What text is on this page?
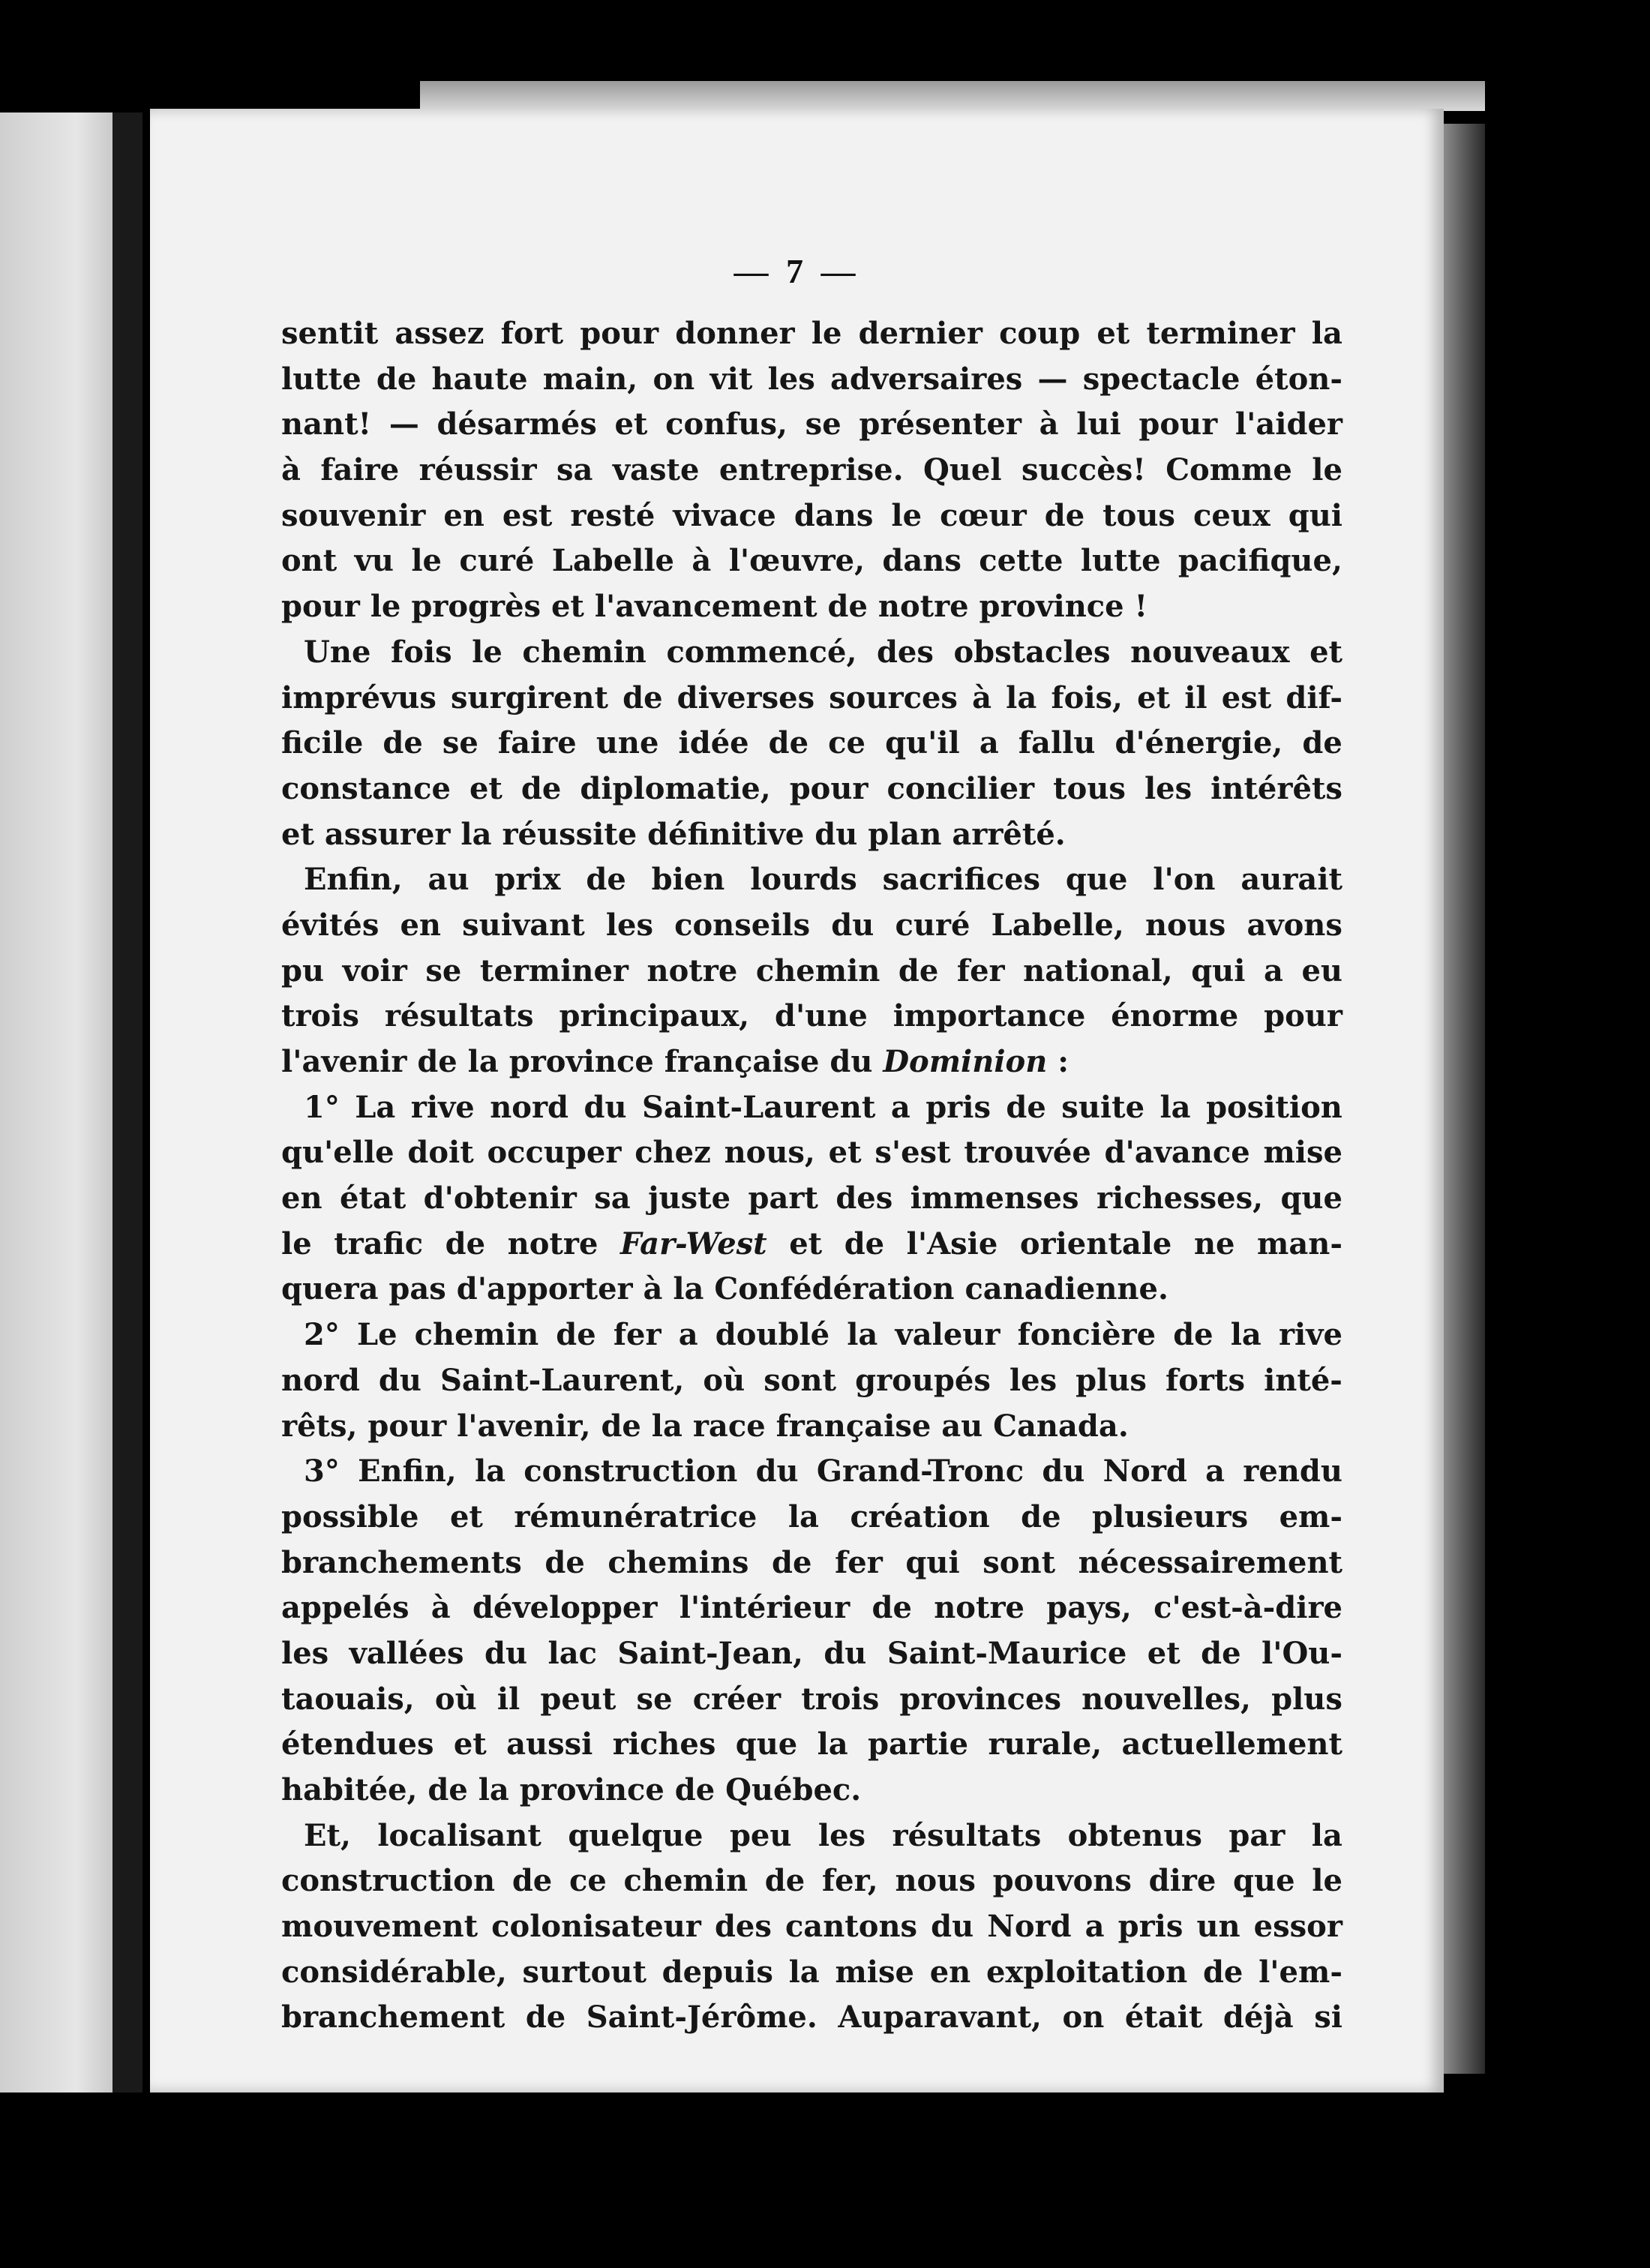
— 7 —
sentit assez fort pour donner le dernier coup et terminer la
lutte de haute main, on vit les adversaires — spectacle éton-
nant! — désarmés et confus, se présenter à lui pour l'aider
à faire réussir sa vaste entreprise. Quel succès! Comme le
souvenir en est resté vivace dans le cœur de tous ceux qui
ont vu le curé Labelle à l'œuvre, dans cette lutte pacifique,
pour le progrès et l'avancement de notre province !
Une fois le chemin commencé, des obstacles nouveaux et
imprévus surgirent de diverses sources à la fois, et il est dif-
ficile de se faire une idée de ce qu'il a fallu d'énergie, de
constance et de diplomatie, pour concilier tous les intérêts
et assurer la réussite définitive du plan arrêté.
Enfin, au prix de bien lourds sacrifices que l'on aurait
évités en suivant les conseils du curé Labelle, nous avons
pu voir se terminer notre chemin de fer national, qui a eu
trois résultats principaux, d'une importance énorme pour
l'avenir de la province française du Dominion :
1° La rive nord du Saint-Laurent a pris de suite la position
qu'elle doit occuper chez nous, et s'est trouvée d'avance mise
en état d'obtenir sa juste part des immenses richesses, que
le trafic de notre Far-West et de l'Asie orientale ne man-
quera pas d'apporter à la Confédération canadienne.
2° Le chemin de fer a doublé la valeur foncière de la rive
nord du Saint-Laurent, où sont groupés les plus forts inté-
rêts, pour l'avenir, de la race française au Canada.
3° Enfin, la construction du Grand-Tronc du Nord a rendu
possible et rémunératrice la création de plusieurs em-
branchements de chemins de fer qui sont nécessairement
appelés à développer l'intérieur de notre pays, c'est-à-dire
les vallées du lac Saint-Jean, du Saint-Maurice et de l'Ou-
taouais, où il peut se créer trois provinces nouvelles, plus
étendues et aussi riches que la partie rurale, actuellement
habitée, de la province de Québec.
Et, localisant quelque peu les résultats obtenus par la
construction de ce chemin de fer, nous pouvons dire que le
mouvement colonisateur des cantons du Nord a pris un essor
considérable, surtout depuis la mise en exploitation de l'em-
branchement de Saint-Jérôme. Auparavant, on était déjà si
